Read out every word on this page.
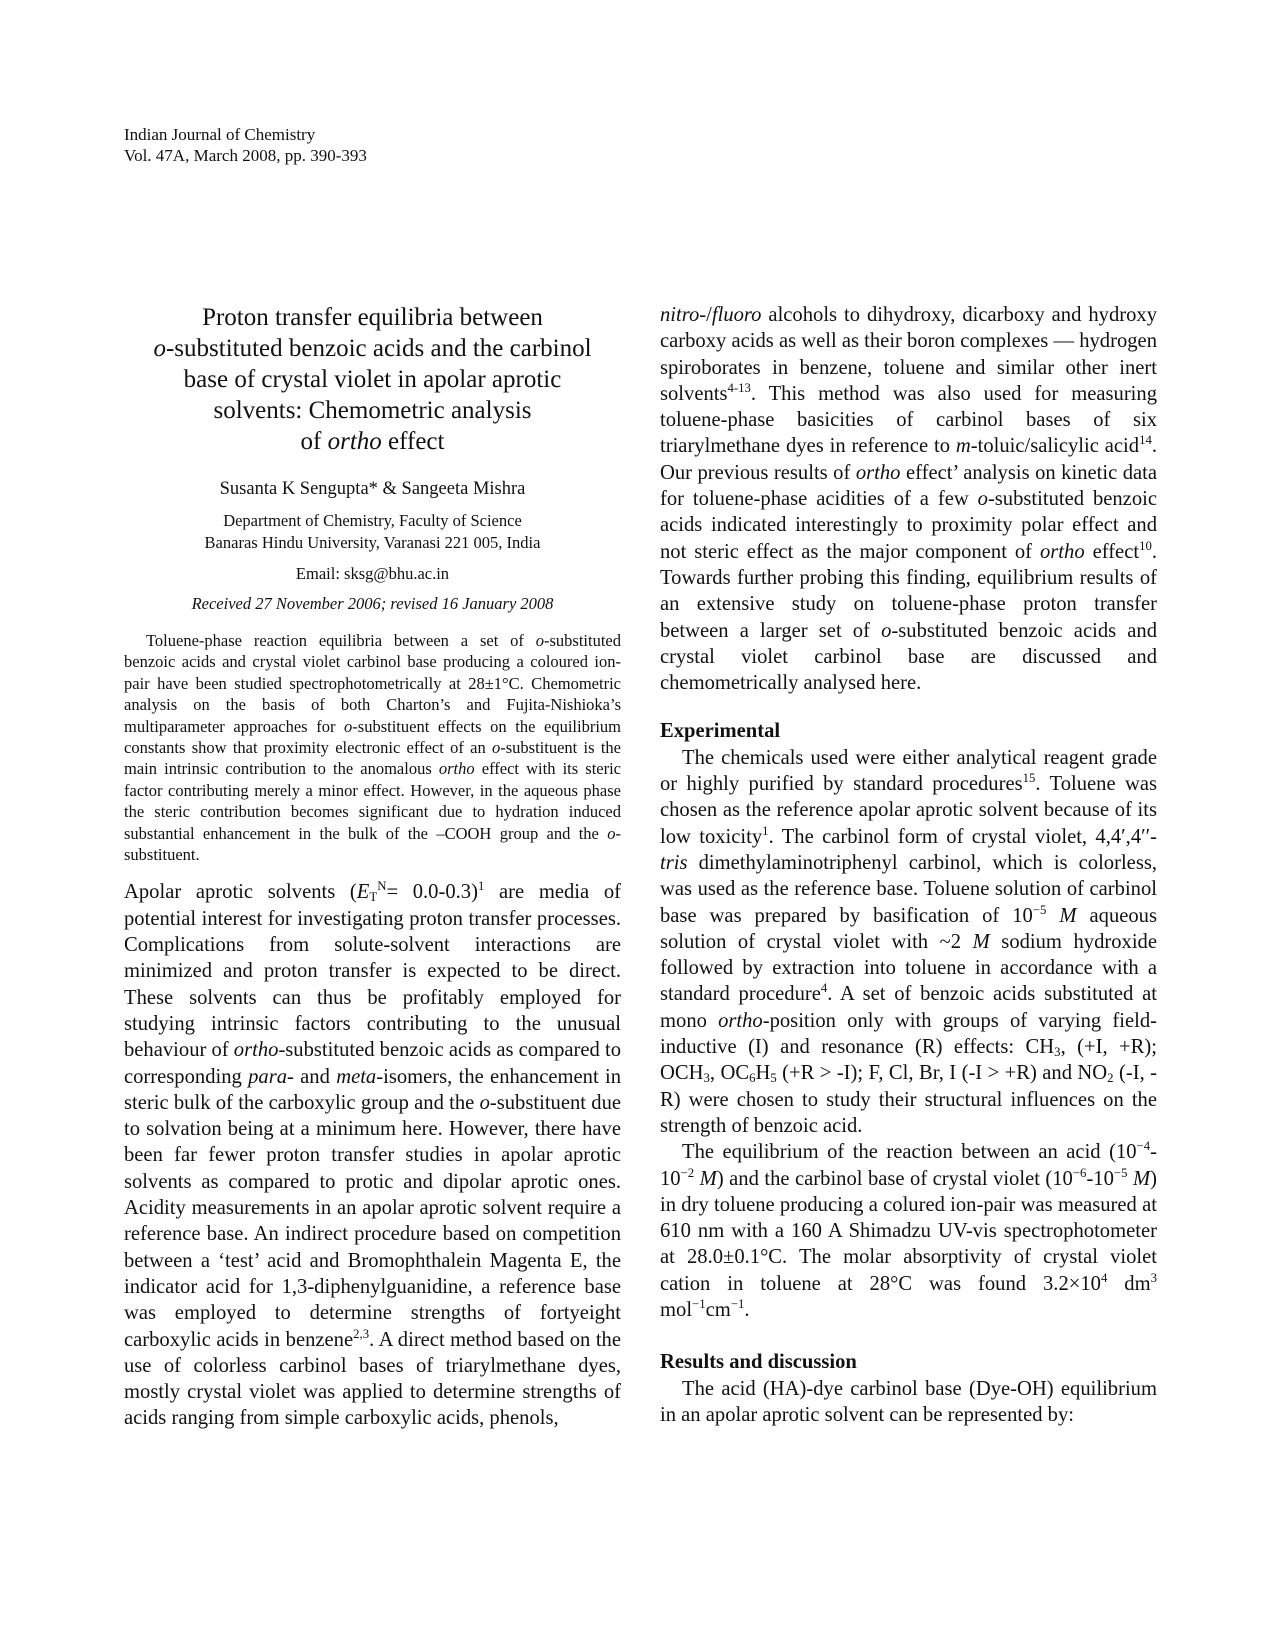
Indian Journal of Chemistry
Vol. 47A, March 2008, pp. 390-393
Proton transfer equilibria between
o-substituted benzoic acids and the carbinol
base of crystal violet in apolar aprotic
solvents: Chemometric analysis
of ortho effect
Susanta K Sengupta* & Sangeeta Mishra
Department of Chemistry, Faculty of Science
Banaras Hindu University, Varanasi 221 005, India
Email: sksg@bhu.ac.in
Received 27 November 2006; revised 16 January 2008
Toluene-phase reaction equilibria between a set of o-substituted benzoic acids and crystal violet carbinol base producing a coloured ion-pair have been studied spectrophotometrically at 28±1°C. Chemometric analysis on the basis of both Charton’s and Fujita-Nishioka’s multiparameter approaches for o-substituent effects on the equilibrium constants show that proximity electronic effect of an o-substituent is the main intrinsic contribution to the anomalous ortho effect with its steric factor contributing merely a minor effect. However, in the aqueous phase the steric contribution becomes significant due to hydration induced substantial enhancement in the bulk of the –COOH group and the o-substituent.

Apolar aprotic solvents $(E_T^N= 0.0-0.3)^1$ are media of potential interest for investigating proton transfer processes. Complications from solute-solvent interactions are minimized and proton transfer is expected to be direct. These solvents can thus be profitably employed for studying intrinsic factors contributing to the unusual behaviour of ortho-substituted benzoic acids as compared to corresponding para- and meta-isomers, the enhancement in steric bulk of the carboxylic group and the o-substituent due to solvation being at a minimum here. However, there have been far fewer proton transfer studies in apolar aprotic solvents as compared to protic and dipolar aprotic ones. Acidity measurements in an apolar aprotic solvent require a reference base. An indirect procedure based on competition between a ‘test’ acid and Bromophthalein Magenta E, the indicator acid for 1,3-diphenylguanidine, a reference base was employed to determine strengths of fortyeight carboxylic acids in benzene$^{2,3}$. A direct method based on the use of colorless carbinol bases of triarylmethane dyes, mostly crystal violet was applied to determine strengths of acids ranging from simple carboxylic acids, phenols,

nitro-/fluoro alcohols to dihydroxy, dicarboxy and hydroxy carboxy acids as well as their boron complexes — hydrogen spiroborates in benzene, toluene and similar other inert solvents$^{4-13}$. This method was also used for measuring toluene-phase basicities of carbinol bases of six triarylmethane dyes in reference to m-toluic/salicylic acid$^{14}$. Our previous results of ortho effect’ analysis on kinetic data for toluene-phase acidities of a few o-substituted benzoic acids indicated interestingly to proximity polar effect and not steric effect as the major component of ortho effect$^{10}$. Towards further probing this finding, equilibrium results of an extensive study on toluene-phase proton transfer between a larger set of o-substituted benzoic acids and crystal violet carbinol base are discussed and chemometrically analysed here.

Experimental

The chemicals used were either analytical reagent grade or highly purified by standard procedures$^{15}$. Toluene was chosen as the reference apolar aprotic solvent because of its low toxicity$^1$. The carbinol form of crystal violet, 4,4′,4′′-tris dimethylaminotriphenyl carbinol, which is colorless, was used as the reference base. Toluene solution of carbinol base was prepared by basification of $10^{-5}$ M aqueous solution of crystal violet with ~2 M sodium hydroxide followed by extraction into toluene in accordance with a standard procedure$^4$. A set of benzoic acids substituted at mono ortho-position only with groups of varying field-inductive (I) and resonance (R) effects: $CH_3$, (+I, +R); $OCH_3$, $OC_6H_5$ (+R > -I); F, Cl, Br, I (-I > +R) and $NO_2$ (-I, -R) were chosen to study their structural influences on the strength of benzoic acid.

The equilibrium of the reaction between an acid ($10^{-4}-10^{-2}$ M) and the carbinol base of crystal violet ($10^{-6}-10^{-5}$ M) in dry toluene producing a colured ion-pair was measured at 610 nm with a 160 A Shimadzu UV-vis spectrophotometer at 28.0±0.1°C. The molar absorptivity of crystal violet cation in toluene at 28°C was found $3.2\times 10^4$ $dm^3$ $mol^{-1}cm^{-1}$.

Results and discussion

The acid (HA)-dye carbinol base (Dye-OH) equilibrium in an apolar aprotic solvent can be represented by:
